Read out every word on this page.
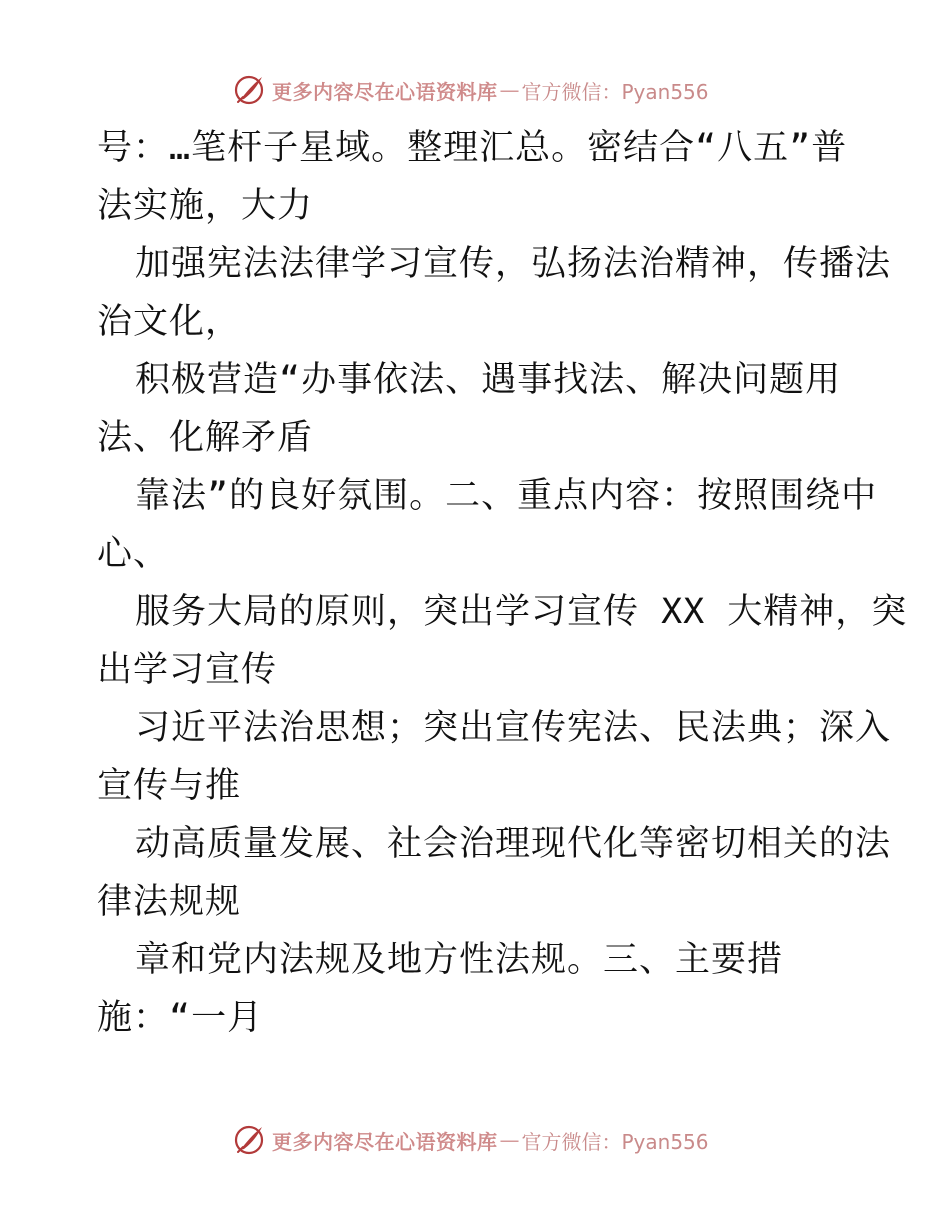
更多内容尽在心语资料库 — 官方微信：Pyan556
号：…笔杆子星域。整理汇总。密结合“八五”普
法实施，大力
加强宪法法律学习宣传，弘扬法治精神，传播法
治文化，
积极营造“办事依法、遇事找法、解决问题用
法、化解矛盾
靠法”的良好氛围。二、重点内容：按照围绕中
心、
服务大局的原则，突出学习宣传 XX 大精神，突
出学习宣传
习近平法治思想；突出宣传宪法、民法典；深入
宣传与推
动高质量发展、社会治理现代化等密切相关的法
律法规规
章和党内法规及地方性法规。三、主要措
施：“一月
更多内容尽在心语资料库 — 官方微信：Pyan556
